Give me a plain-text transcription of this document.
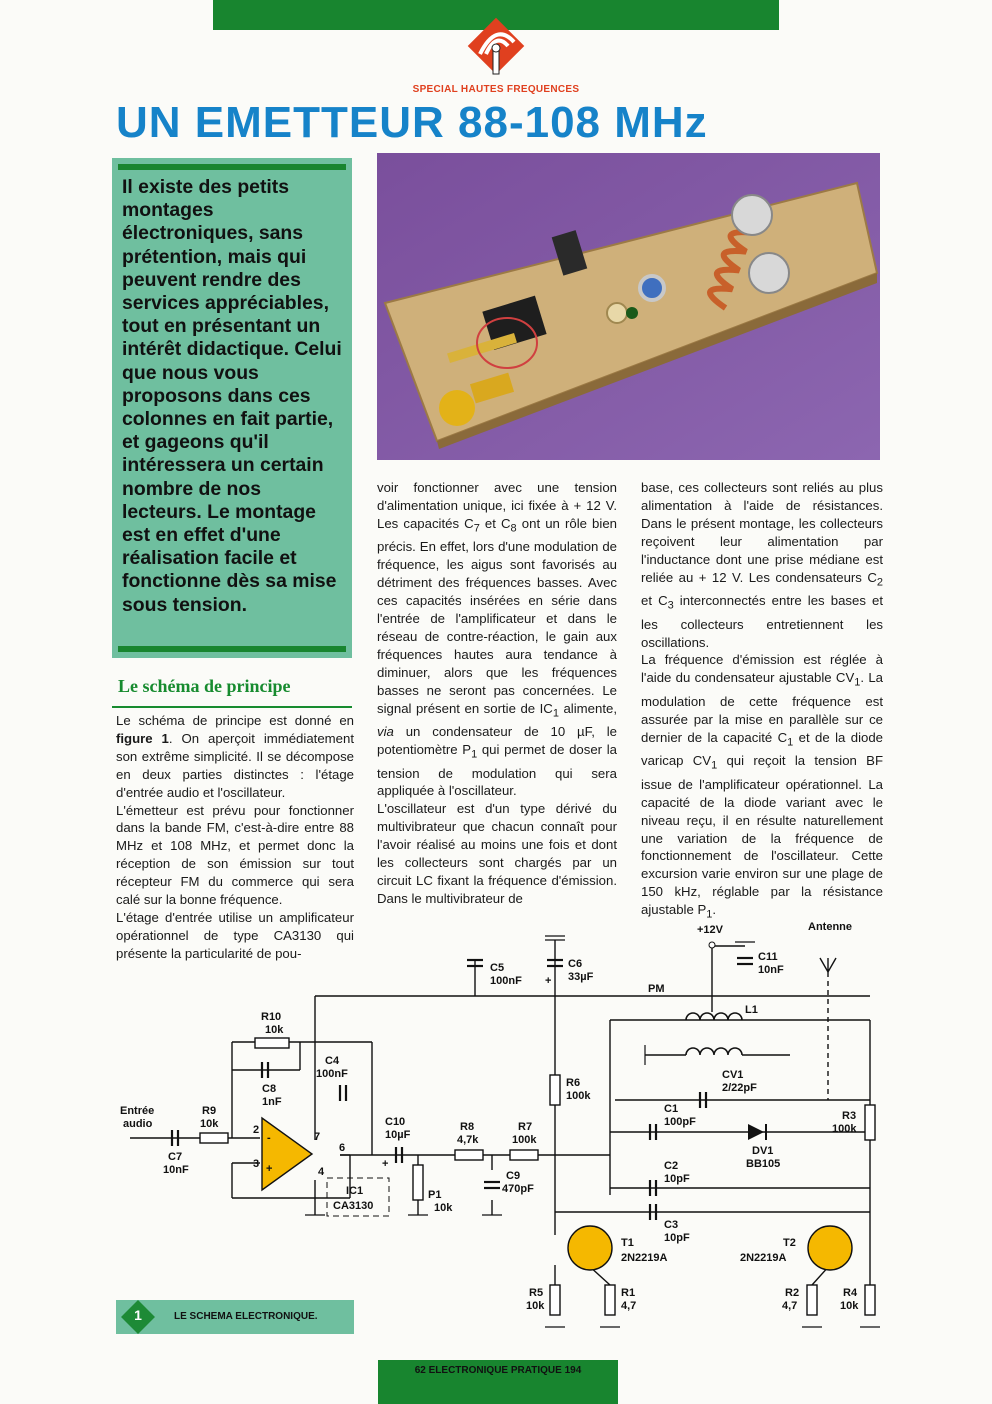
SPECIAL HAUTES FREQUENCES
UN EMETTEUR 88-108 MHz

Il existe des petits montages électroniques, sans prétention, mais qui peuvent rendre des services appréciables, tout en présentant un intérêt didactique. Celui que nous vous proposons dans ces colonnes en fait partie, et gageons qu'il intéressera un certain nombre de nos lecteurs. Le montage est en effet d'une réalisation facile et fonctionne dès sa mise sous tension.

Le schéma de principe

Le schéma de principe est donné en figure 1. On aperçoit immédiatement son extrême simplicité. Il se décompose en deux parties distinctes : l'étage d'entrée audio et l'oscillateur.

L'émetteur est prévu pour fonctionner dans la bande FM, c'est-à-dire entre 88 MHz et 108 MHz, et permet donc la réception de son émission sur tout récepteur FM du commerce qui sera calé sur la bonne fréquence.

L'étage d'entrée utilise un amplificateur opérationnel de type CA3130 qui présente la particularité de pou-

voir fonctionner avec une tension d'alimentation unique, ici fixée à + 12 V. Les capacités $C_7$ et $C_8$ ont un rôle bien précis. En effet, lors d'une modulation de fréquence, les aigus sont favorisés au détriment des fréquences basses. Avec ces capacités insérées en série dans l'entrée de l'amplificateur et dans le réseau de contre-réaction, le gain aux fréquences hautes aura tendance à diminuer, alors que les fréquences basses ne seront pas concernées. Le signal présent en sortie de $IC_1$ alimente, via un condensateur de 10 µF, le potentiomètre $P_1$ qui permet de doser la tension de modulation qui sera appliquée à l'oscillateur.

L'oscillateur est d'un type dérivé du multivibrateur que chacun connaît pour l'avoir réalisé au moins une fois et dont les collecteurs sont chargés par un circuit LC fixant la fréquence d'émission. Dans le multivibrateur de

base, ces collecteurs sont reliés au plus alimentation à l'aide de résistances. Dans le présent montage, les collecteurs reçoivent leur alimentation par l'inductance dont une prise médiane est reliée au + 12 V. Les condensateurs $C_2$ et $C_3$ interconnectés entre les bases et les collecteurs entretiennent les oscillations.

La fréquence d'émission est réglée à l'aide du condensateur ajustable $CV_1$. La modulation de cette fréquence est assurée par la mise en parallèle sur ce dernier de la capacité $C_1$ et de la diode varicap $CV_1$ qui reçoit la tension BF issue de l'amplificateur opérationnel. La capacité de la diode variant avec le niveau reçu, il en résulte naturellement une variation de la fréquence de fonctionnement de l'oscillateur. Cette excursion varie environ sur une plage de 150 kHz, réglable par la résistance ajustable $P_1$.

+12V	Antenne
PM
L1
Entrée
audio
R10
10k
C8
1nF
C4
100nF
C5
100nF
C6
33µF
+
C11
10nF
R9
10k
C7
10nF
C10
10µF
+
R8
4,7k
R7
100k
C9
470pF
P1
10k
R6
100k
IC1
CA3130
CV1
2/22pF
C1
100pF
DV1
BB105
C2
10pF
C3
10pF
R3
100k
T1
2N2219A
T2
2N2219A
R5
10k
R1
4,7
R2
4,7
R4
10k
2
3
4
6
7
-
+
1	LE SCHEMA ELECTRONIQUE.
62 ELECTRONIQUE PRATIQUE 194
